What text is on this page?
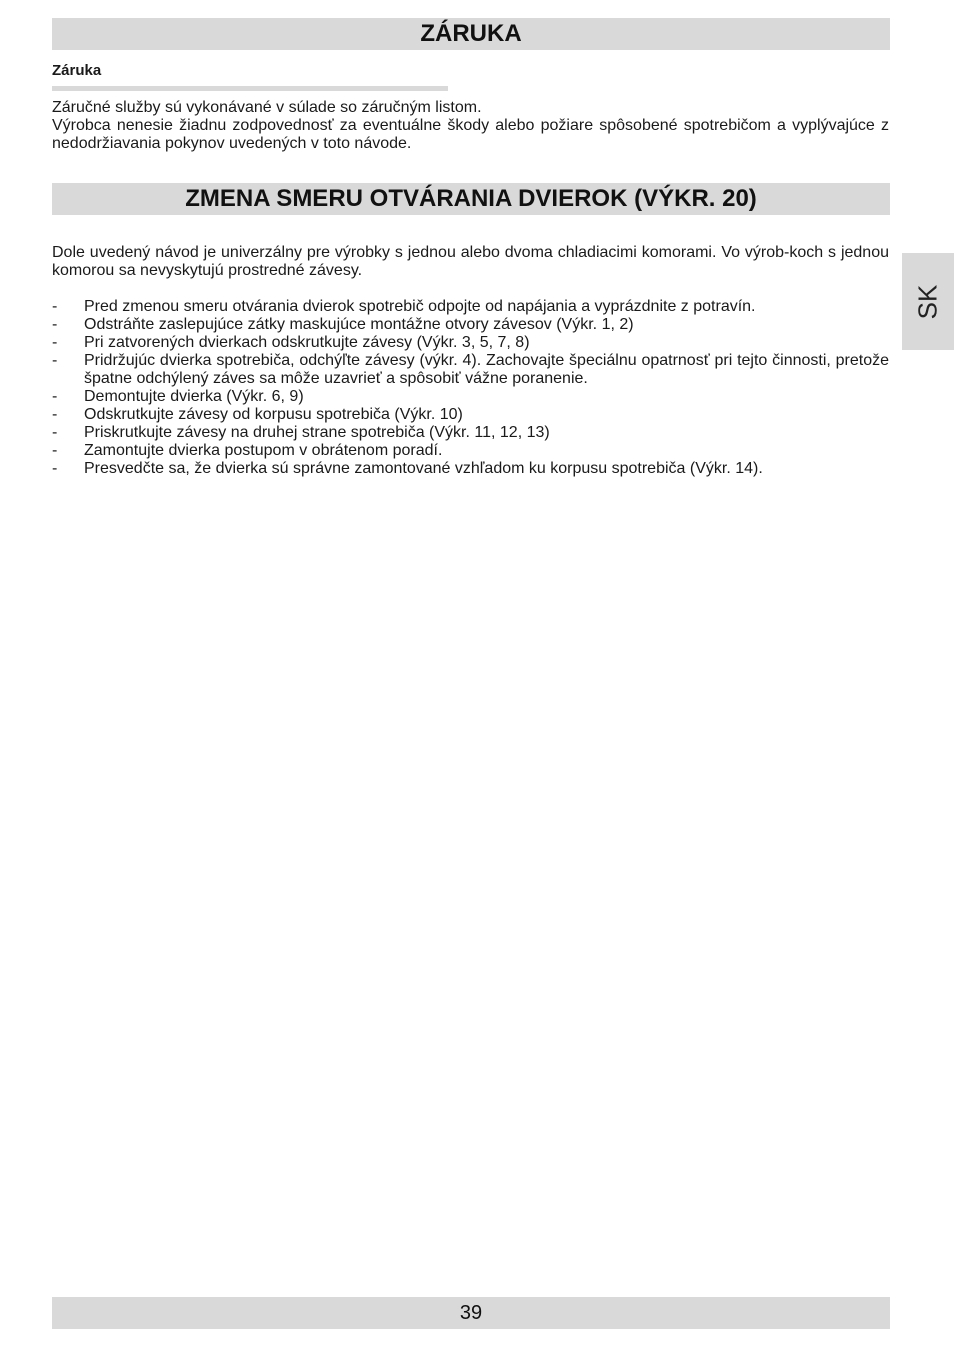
ZÁRUKA
Záruka

Záručné služby sú vykonávané v súlade so záručným listom.

Výrobca nenesie žiadnu zodpovednosť za eventuálne škody alebo požiare spôsobené spotrebičom a vyplývajúce z nedodržiavania pokynov uvedených v toto návode.

ZMENA SMERU OTVÁRANIA DVIEROK (VÝKR. 20)

Dole uvedený návod je univerzálny pre výrobky s jednou alebo dvoma chladiacimi komorami. Vo výrob-koch s jednou komorou sa nevyskytujú prostredné závesy.

- Pred zmenou smeru otvárania dvierok spotrebič odpojte od napájania a vyprázdnite z potravín.
- Odstráňte zaslepujúce zátky maskujúce montážne otvory závesov (Výkr. 1, 2)
- Pri zatvorených dvierkach odskrutkujte závesy (Výkr. 3, 5, 7, 8)
- Pridržujúc dvierka spotrebiča, odchýľte závesy (výkr. 4). Zachovajte špeciálnu opatrnosť pri tejto činnosti, pretože špatne odchýlený záves sa môže uzavrieť a spôsobiť vážne poranenie.
- Demontujte dvierka (Výkr. 6, 9)
- Odskrutkujte závesy od korpusu spotrebiča (Výkr. 10)
- Priskrutkujte závesy na druhej strane spotrebiča (Výkr. 11, 12, 13)
- Zamontujte dvierka postupom v obrátenom poradí.
- Presvedčte sa, že dvierka sú správne zamontované vzhľadom ku korpusu spotrebiča (Výkr. 14).
SK
39
